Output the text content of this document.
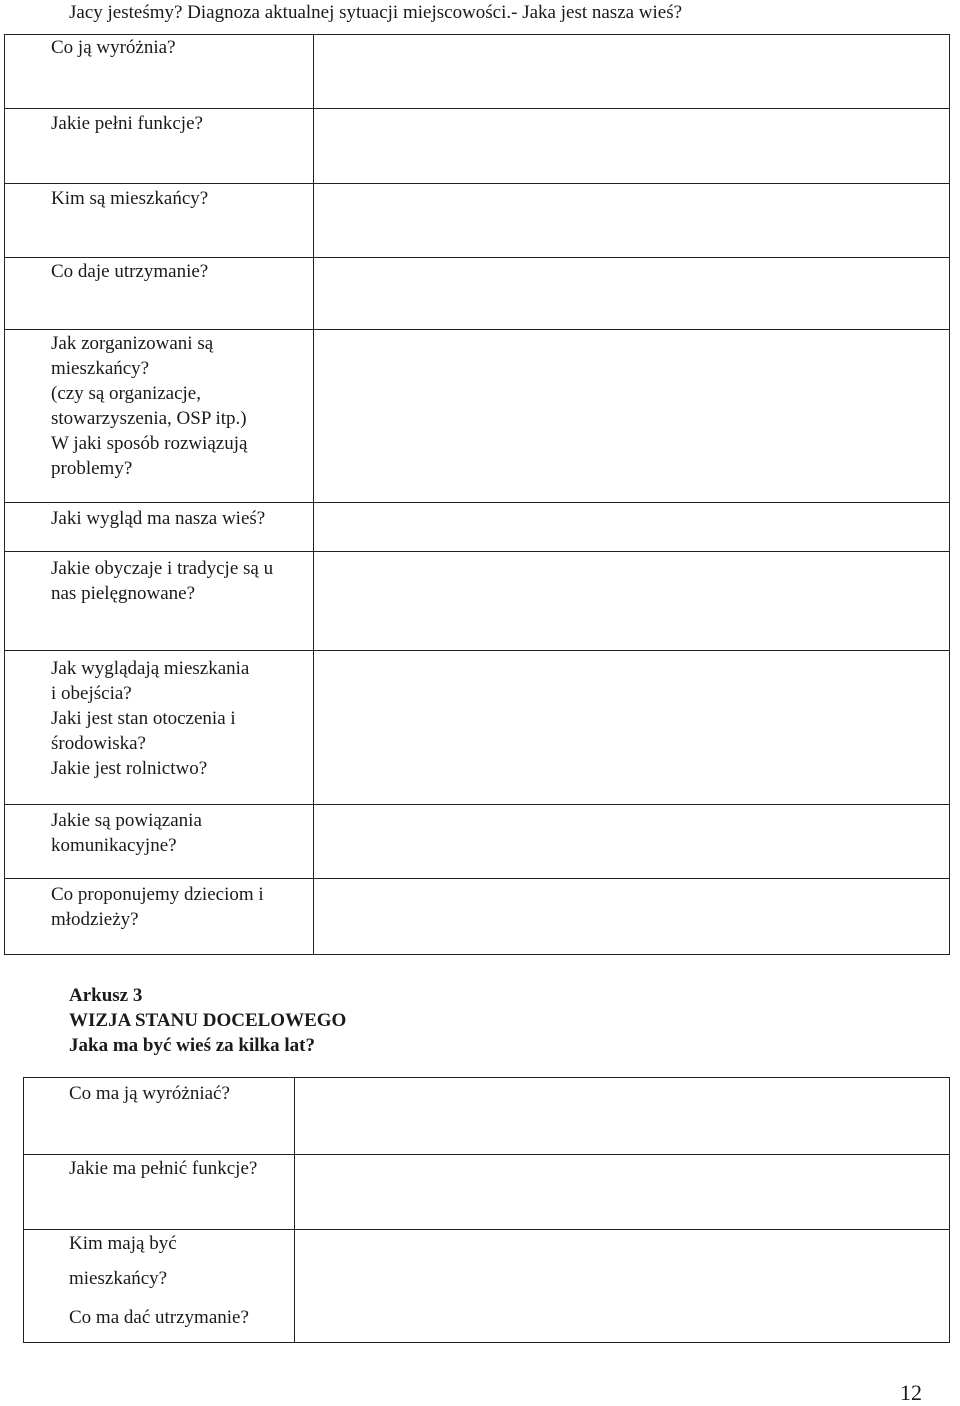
Jacy jesteśmy? Diagnoza aktualnej sytuacji miejscowości.- Jaka jest nasza wieś?
Co ją wyróżnia?
Jakie pełni funkcje?
Kim są mieszkańcy?
Co daje utrzymanie?
Jak zorganizowani są
mieszkańcy?
(czy są organizacje,
stowarzyszenia, OSP itp.)
W jaki sposób rozwiązują
problemy?
Jaki wygląd ma nasza wieś?
Jakie obyczaje i tradycje są u
nas pielęgnowane?
Jak wyglądają mieszkania
i obejścia?
Jaki jest stan otoczenia i
środowiska?
Jakie jest rolnictwo?
Jakie są powiązania
komunikacyjne?
Co proponujemy dzieciom i
młodzieży?
Arkusz 3
WIZJA STANU DOCELOWEGO
Jaka ma być wieś za kilka lat?
Co ma ją wyróżniać?
Jakie ma pełnić funkcje?
Kim mają być
mieszkańcy?
Co ma dać utrzymanie?
12
